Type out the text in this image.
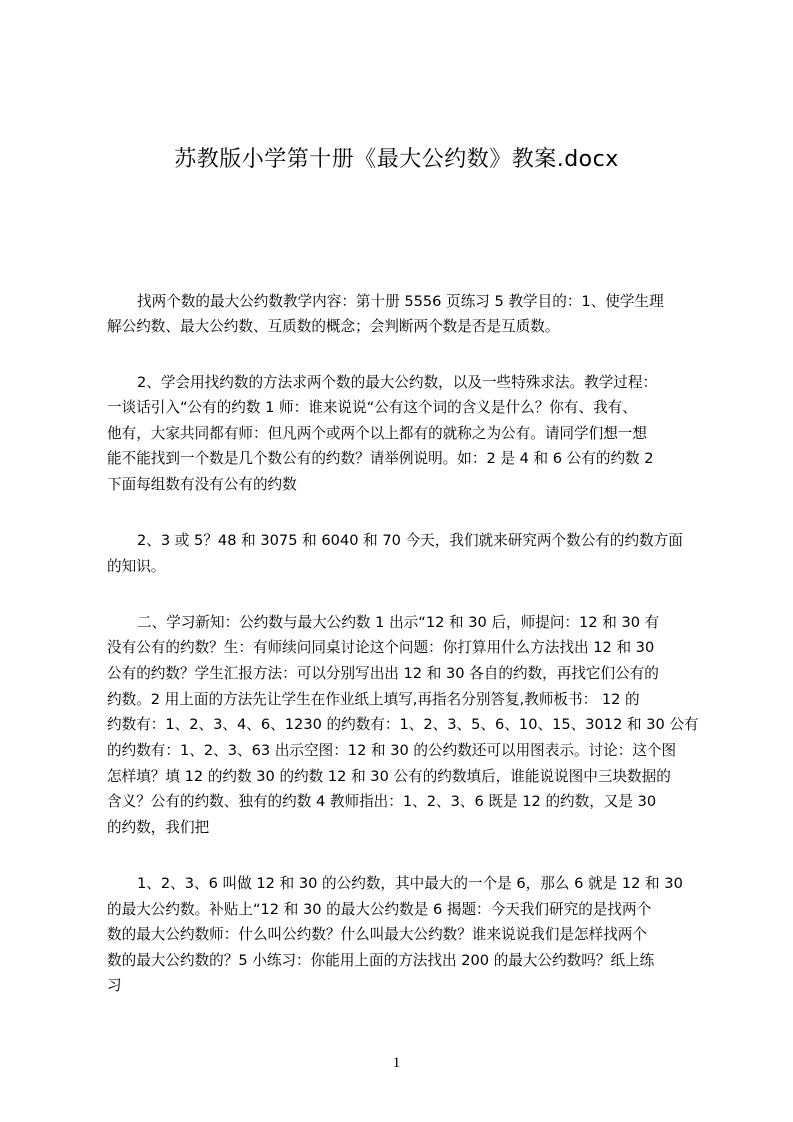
苏教版小学第十册《最大公约数》教案.docx
找两个数的最大公约数教学内容：第十册 5556 页练习 5 教学目的：1、使学生理
解公约数、最大公约数、互质数的概念；会判断两个数是否是互质数。
2、学会用找约数的方法求两个数的最大公约数，以及一些特殊求法。教学过程：
一谈话引入“公有的约数 1 师：谁来说说“公有这个词的含义是什么？你有、我有、
他有，大家共同都有师：但凡两个或两个以上都有的就称之为公有。请同学们想一想
能不能找到一个数是几个数公有的约数？请举例说明。如：2 是 4 和 6 公有的约数 2
下面每组数有没有公有的约数
2、3 或 5？48 和 3075 和 6040 和 70 今天，我们就来研究两个数公有的约数方面
的知识。
二、学习新知：公约数与最大公约数 1 出示“12 和 30 后，师提问：12 和 30 有
没有公有的约数？生：有师续问同桌讨论这个问题：你打算用什么方法找出 12 和 30
公有的约数？学生汇报方法：可以分别写出出 12 和 30 各自的约数，再找它们公有的
约数。2 用上面的方法先让学生在作业纸上填写,再指名分别答复,教师板书： 12 的
约数有：1、2、3、4、6、1230 的约数有：1、2、3、5、6、10、15、3012 和 30 公有
的约数有：1、2、3、63 出示空图：12 和 30 的公约数还可以用图表示。讨论：这个图
怎样填？填 12 的约数 30 的约数 12 和 30 公有的约数填后，谁能说说图中三块数据的
含义？公有的约数、独有的约数 4 教师指出：1、2、3、6 既是 12 的约数，又是 30
的约数，我们把
1、2、3、6 叫做 12 和 30 的公约数，其中最大的一个是 6，那么 6 就是 12 和 30
的最大公约数。补贴上“12 和 30 的最大公约数是 6 揭题：今天我们研究的是找两个
数的最大公约数师：什么叫公约数？什么叫最大公约数？谁来说说我们是怎样找两个
数的最大公约数的？5 小练习：你能用上面的方法找出 200 的最大公约数吗？纸上练
习
1
